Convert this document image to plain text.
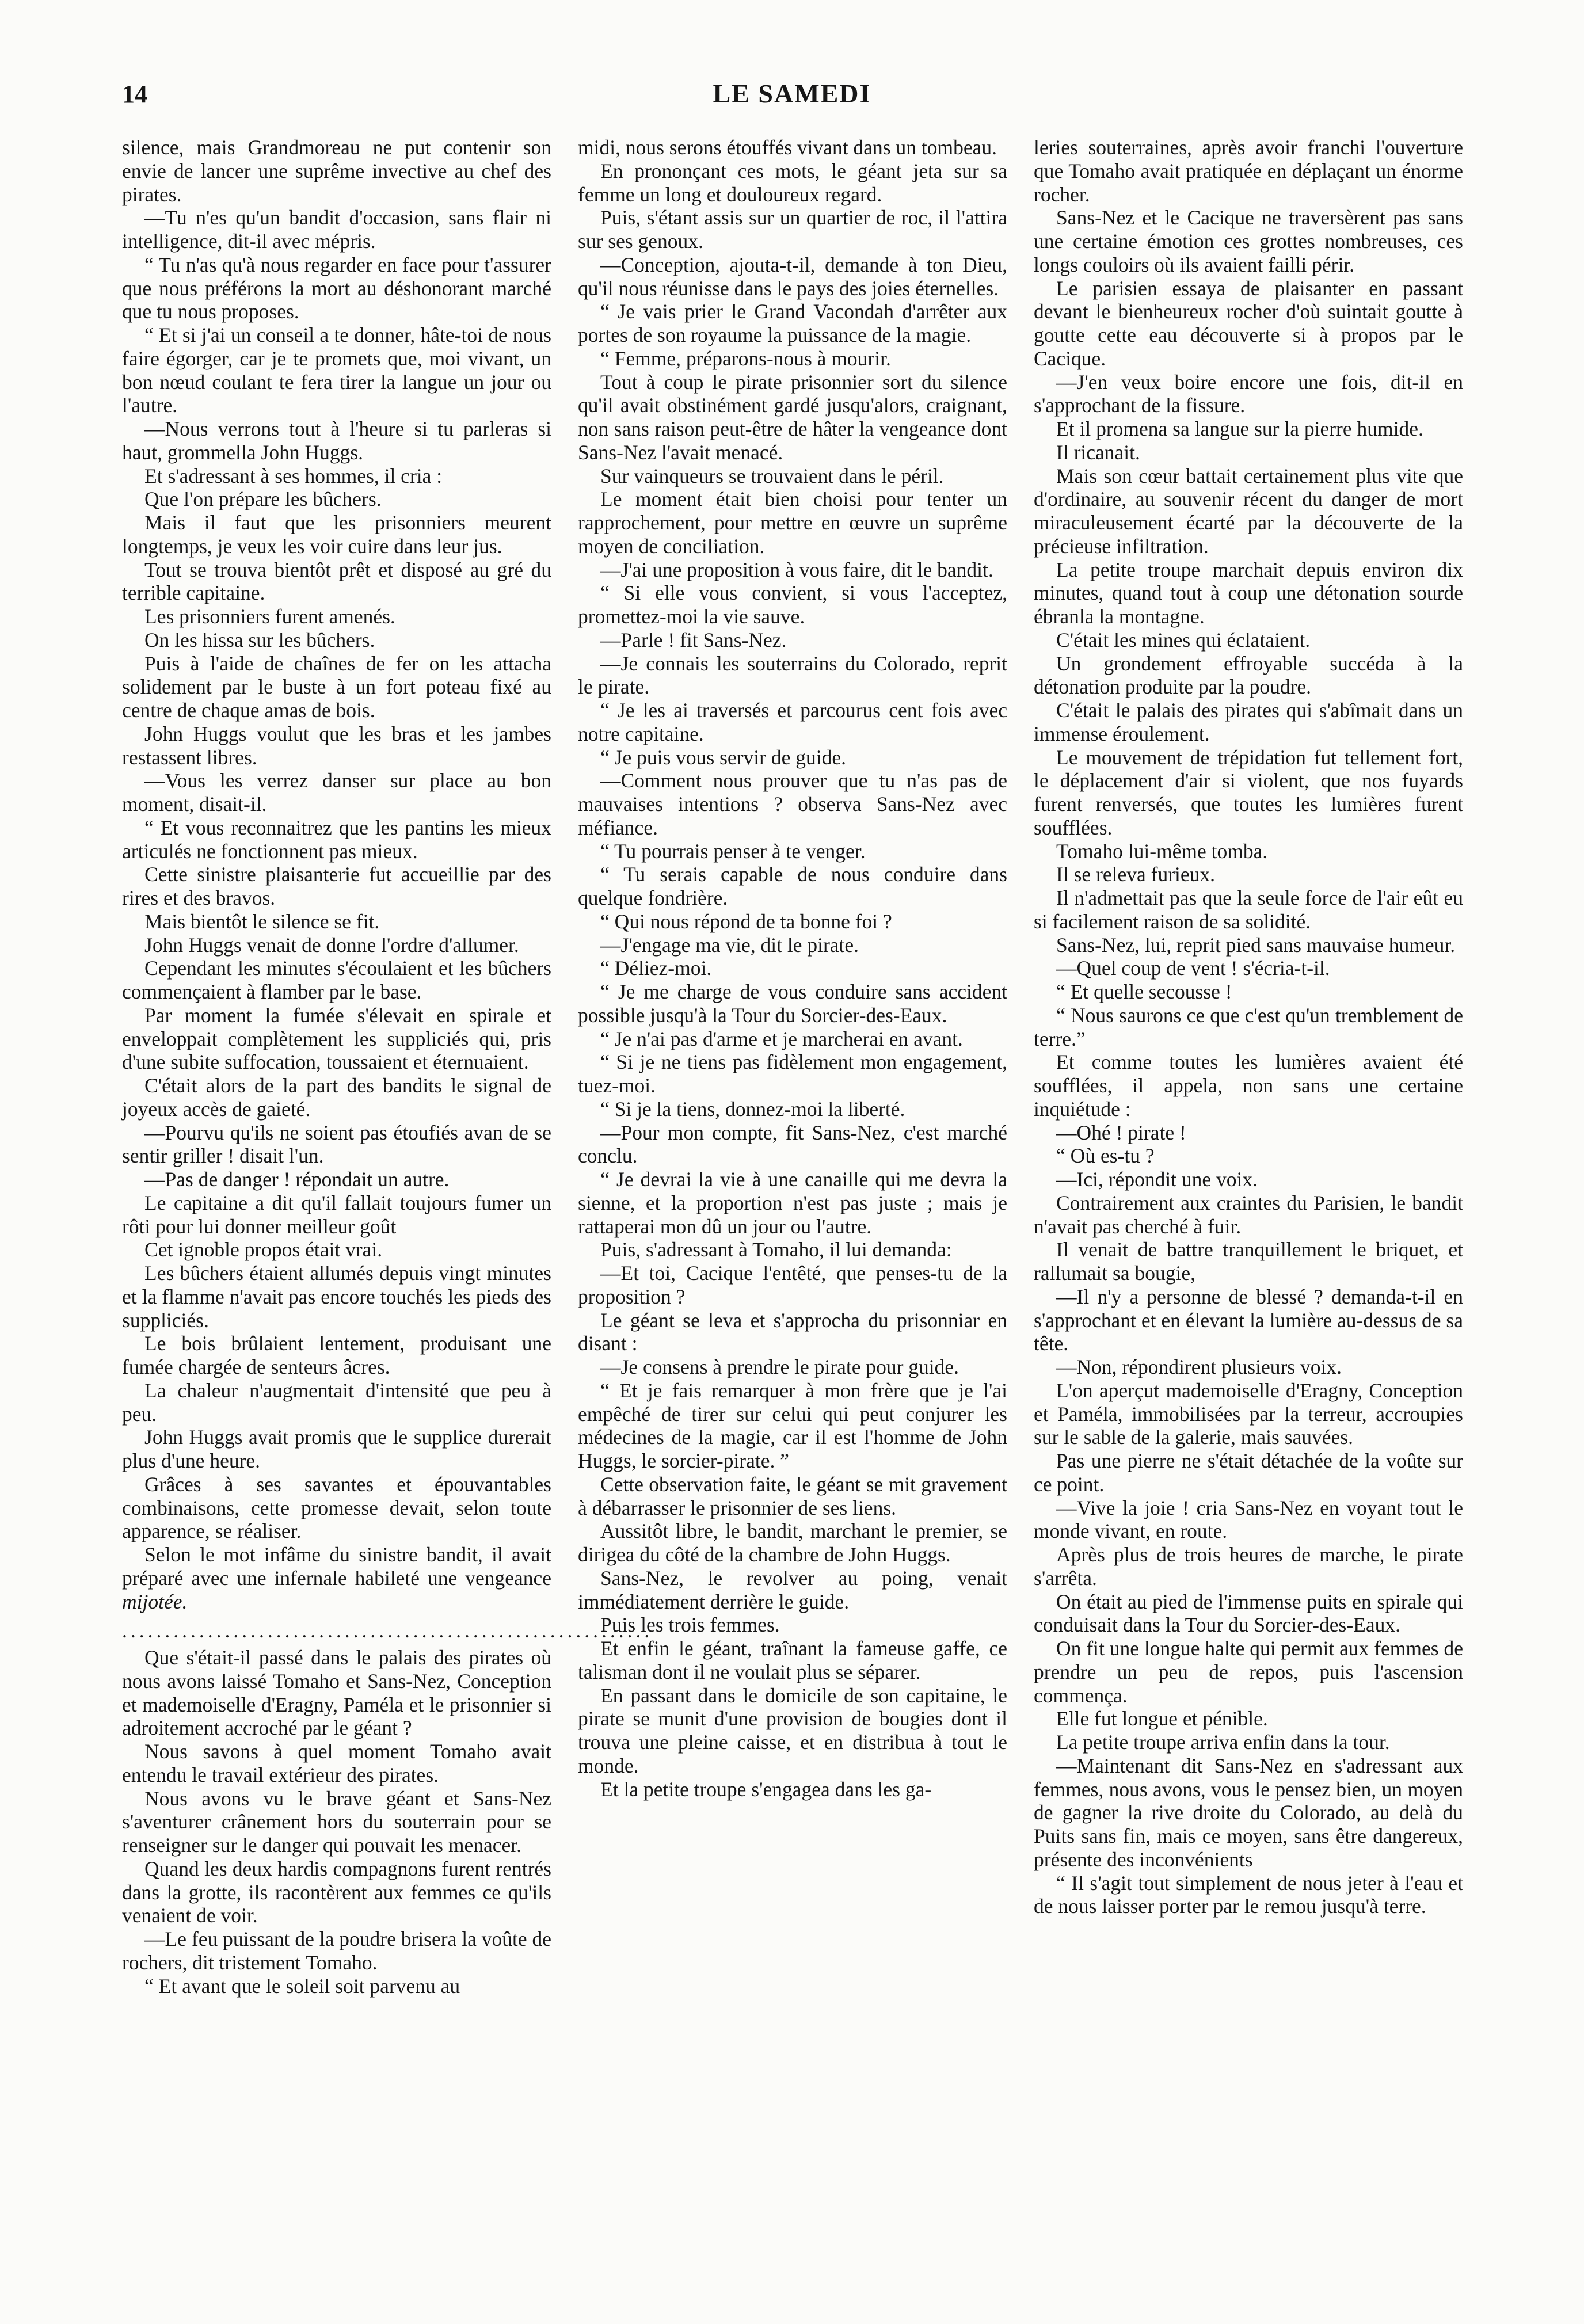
14	LE SAMEDI

silence, mais Grandmoreau ne put contenir son envie de lancer une suprême invective au chef des pirates.

—Tu n'es qu'un bandit d'occasion, sans flair ni intelligence, dit-il avec mépris.

“ Tu n'as qu'à nous regarder en face pour t'assurer que nous préférons la mort au déshonorant marché que tu nous proposes.

“ Et si j'ai un conseil a te donner, hâte-toi de nous faire égorger, car je te promets que, moi vivant, un bon nœud coulant te fera tirer la langue un jour ou l'autre.

—Nous verrons tout à l'heure si tu parleras si haut, grommella John Huggs.

Et s'adressant à ses hommes, il cria :

Que l'on prépare les bûchers.

Mais il faut que les prisonniers meurent longtemps, je veux les voir cuire dans leur jus.

Tout se trouva bientôt prêt et disposé au gré du terrible capitaine.

Les prisonniers furent amenés.

On les hissa sur les bûchers.

Puis à l'aide de chaînes de fer on les attacha solidement par le buste à un fort poteau fixé au centre de chaque amas de bois.

John Huggs voulut que les bras et les jambes restassent libres.

—Vous les verrez danser sur place au bon moment, disait-il.

“ Et vous reconnaitrez que les pantins les mieux articulés ne fonctionnent pas mieux.

Cette sinistre plaisanterie fut accueillie par des rires et des bravos.

Mais bientôt le silence se fit.

John Huggs venait de donne l'ordre d'allumer.

Cependant les minutes s'écoulaient et les bûchers commençaient à flamber par le base.

Par moment la fumée s'élevait en spirale et enveloppait complètement les suppliciés qui, pris d'une subite suffocation, toussaient et éternuaient.

C'était alors de la part des bandits le signal de joyeux accès de gaieté.

—Pourvu qu'ils ne soient pas étoufiés avan de se sentir griller ! disait l'un.

—Pas de danger ! répondait un autre.

Le capitaine a dit qu'il fallait toujours fumer un rôti pour lui donner meilleur goût

Cet ignoble propos était vrai.

Les bûchers étaient allumés depuis vingt minutes et la flamme n'avait pas encore touchés les pieds des suppliciés.

Le bois brûlaient lentement, produisant une fumée chargée de senteurs âcres.

La chaleur n'augmentait d'intensité que peu à peu.

John Huggs avait promis que le supplice durerait plus d'une heure.

Grâces à ses savantes et épouvantables combinaisons, cette promesse devait, selon toute apparence, se réaliser.

Selon le mot infâme du sinistre bandit, il avait préparé avec une infernale habileté une vengeance mijotée.

..............................................................

Que s'était-il passé dans le palais des pirates où nous avons laissé Tomaho et Sans-Nez, Conception et mademoiselle d'Eragny, Paméla et le prisonnier si adroitement accroché par le géant ?

Nous savons à quel moment Tomaho avait entendu le travail extérieur des pirates.

Nous avons vu le brave géant et Sans-Nez s'aventurer crânement hors du souterrain pour se renseigner sur le danger qui pouvait les menacer.

Quand les deux hardis compagnons furent rentrés dans la grotte, ils racontèrent aux femmes ce qu'ils venaient de voir.

—Le feu puissant de la poudre brisera la voûte de rochers, dit tristement Tomaho.

“ Et avant que le soleil soit parvenu au

midi, nous serons étouffés vivant dans un tombeau.

En prononçant ces mots, le géant jeta sur sa femme un long et douloureux regard.

Puis, s'étant assis sur un quartier de roc, il l'attira sur ses genoux.

—Conception, ajouta-t-il, demande à ton Dieu, qu'il nous réunisse dans le pays des joies éternelles.

“ Je vais prier le Grand Vacondah d'arrêter aux portes de son royaume la puissance de la magie.

“ Femme, préparons-nous à mourir.

Tout à coup le pirate prisonnier sort du silence qu'il avait obstinément gardé jusqu'alors, craignant, non sans raison peut-être de hâter la vengeance dont Sans-Nez l'avait menacé.

Sur vainqueurs se trouvaient dans le péril.

Le moment était bien choisi pour tenter un rapprochement, pour mettre en œuvre un suprême moyen de conciliation.

—J'ai une proposition à vous faire, dit le bandit.

“ Si elle vous convient, si vous l'acceptez, promettez-moi la vie sauve.

—Parle ! fit Sans-Nez.

—Je connais les souterrains du Colorado, reprit le pirate.

“ Je les ai traversés et parcourus cent fois avec notre capitaine.

“ Je puis vous servir de guide.

—Comment nous prouver que tu n'as pas de mauvaises intentions ? observa Sans-Nez avec méfiance.

“ Tu pourrais penser à te venger.

“ Tu serais capable de nous conduire dans quelque fondrière.

“ Qui nous répond de ta bonne foi ?

—J'engage ma vie, dit le pirate.

“ Déliez-moi.

“ Je me charge de vous conduire sans accident possible jusqu'à la Tour du Sorcier-des-Eaux.

“ Je n'ai pas d'arme et je marcherai en avant.

“ Si je ne tiens pas fidèlement mon engagement, tuez-moi.

“ Si je la tiens, donnez-moi la liberté.

—Pour mon compte, fit Sans-Nez, c'est marché conclu.

“ Je devrai la vie à une canaille qui me devra la sienne, et la proportion n'est pas juste ; mais je rattaperai mon dû un jour ou l'autre.

Puis, s'adressant à Tomaho, il lui demanda:

—Et toi, Cacique l'entêté, que penses-tu de la proposition ?

Le géant se leva et s'approcha du prisonniar en disant :

—Je consens à prendre le pirate pour guide.

“ Et je fais remarquer à mon frère que je l'ai empêché de tirer sur celui qui peut conjurer les médecines de la magie, car il est l'homme de John Huggs, le sorcier-pirate. ”

Cette observation faite, le géant se mit gravement à débarrasser le prisonnier de ses liens.

Aussitôt libre, le bandit, marchant le premier, se dirigea du côté de la chambre de John Huggs.

Sans-Nez, le revolver au poing, venait immédiatement derrière le guide.

Puis les trois femmes.

Et enfin le géant, traînant la fameuse gaffe, ce talisman dont il ne voulait plus se séparer.

En passant dans le domicile de son capitaine, le pirate se munit d'une provision de bougies dont il trouva une pleine caisse, et en distribua à tout le monde.

Et la petite troupe s'engagea dans les ga-

leries souterraines, après avoir franchi l'ouverture que Tomaho avait pratiquée en déplaçant un énorme rocher.

Sans-Nez et le Cacique ne traversèrent pas sans une certaine émotion ces grottes nombreuses, ces longs couloirs où ils avaient failli périr.

Le parisien essaya de plaisanter en passant devant le bienheureux rocher d'où suintait goutte à goutte cette eau découverte si à propos par le Cacique.

—J'en veux boire encore une fois, dit-il en s'approchant de la fissure.

Et il promena sa langue sur la pierre humide.

Il ricanait.

Mais son cœur battait certainement plus vite que d'ordinaire, au souvenir récent du danger de mort miraculeusement écarté par la découverte de la précieuse infiltration.

La petite troupe marchait depuis environ dix minutes, quand tout à coup une détonation sourde ébranla la montagne.

C'était les mines qui éclataient.

Un grondement effroyable succéda à la détonation produite par la poudre.

C'était le palais des pirates qui s'abîmait dans un immense éroulement.

Le mouvement de trépidation fut tellement fort, le déplacement d'air si violent, que nos fuyards furent renversés, que toutes les lumières furent soufflées.

Tomaho lui-même tomba.

Il se releva furieux.

Il n'admettait pas que la seule force de l'air eût eu si facilement raison de sa solidité.

Sans-Nez, lui, reprit pied sans mauvaise humeur.

—Quel coup de vent ! s'écria-t-il.

“ Et quelle secousse !

“ Nous saurons ce que c'est qu'un tremblement de terre.”

Et comme toutes les lumières avaient été soufflées, il appela, non sans une certaine inquiétude :

—Ohé ! pirate !

“ Où es-tu ?

—Ici, répondit une voix.

Contrairement aux craintes du Parisien, le bandit n'avait pas cherché à fuir.

Il venait de battre tranquillement le briquet, et rallumait sa bougie,

—Il n'y a personne de blessé ? demanda-t-il en s'approchant et en élevant la lumière au-dessus de sa tête.

—Non, répondirent plusieurs voix.

L'on aperçut mademoiselle d'Eragny, Conception et Paméla, immobilisées par la terreur, accroupies sur le sable de la galerie, mais sauvées.

Pas une pierre ne s'était détachée de la voûte sur ce point.

—Vive la joie ! cria Sans-Nez en voyant tout le monde vivant, en route.

Après plus de trois heures de marche, le pirate s'arrêta.

On était au pied de l'immense puits en spirale qui conduisait dans la Tour du Sorcier-des-Eaux.

On fit une longue halte qui permit aux femmes de prendre un peu de repos, puis l'ascension commença.

Elle fut longue et pénible.

La petite troupe arriva enfin dans la tour.

—Maintenant dit Sans-Nez en s'adressant aux femmes, nous avons, vous le pensez bien, un moyen de gagner la rive droite du Colorado, au delà du Puits sans fin, mais ce moyen, sans être dangereux, présente des inconvénients

“ Il s'agit tout simplement de nous jeter à l'eau et de nous laisser porter par le remou jusqu'à terre.
